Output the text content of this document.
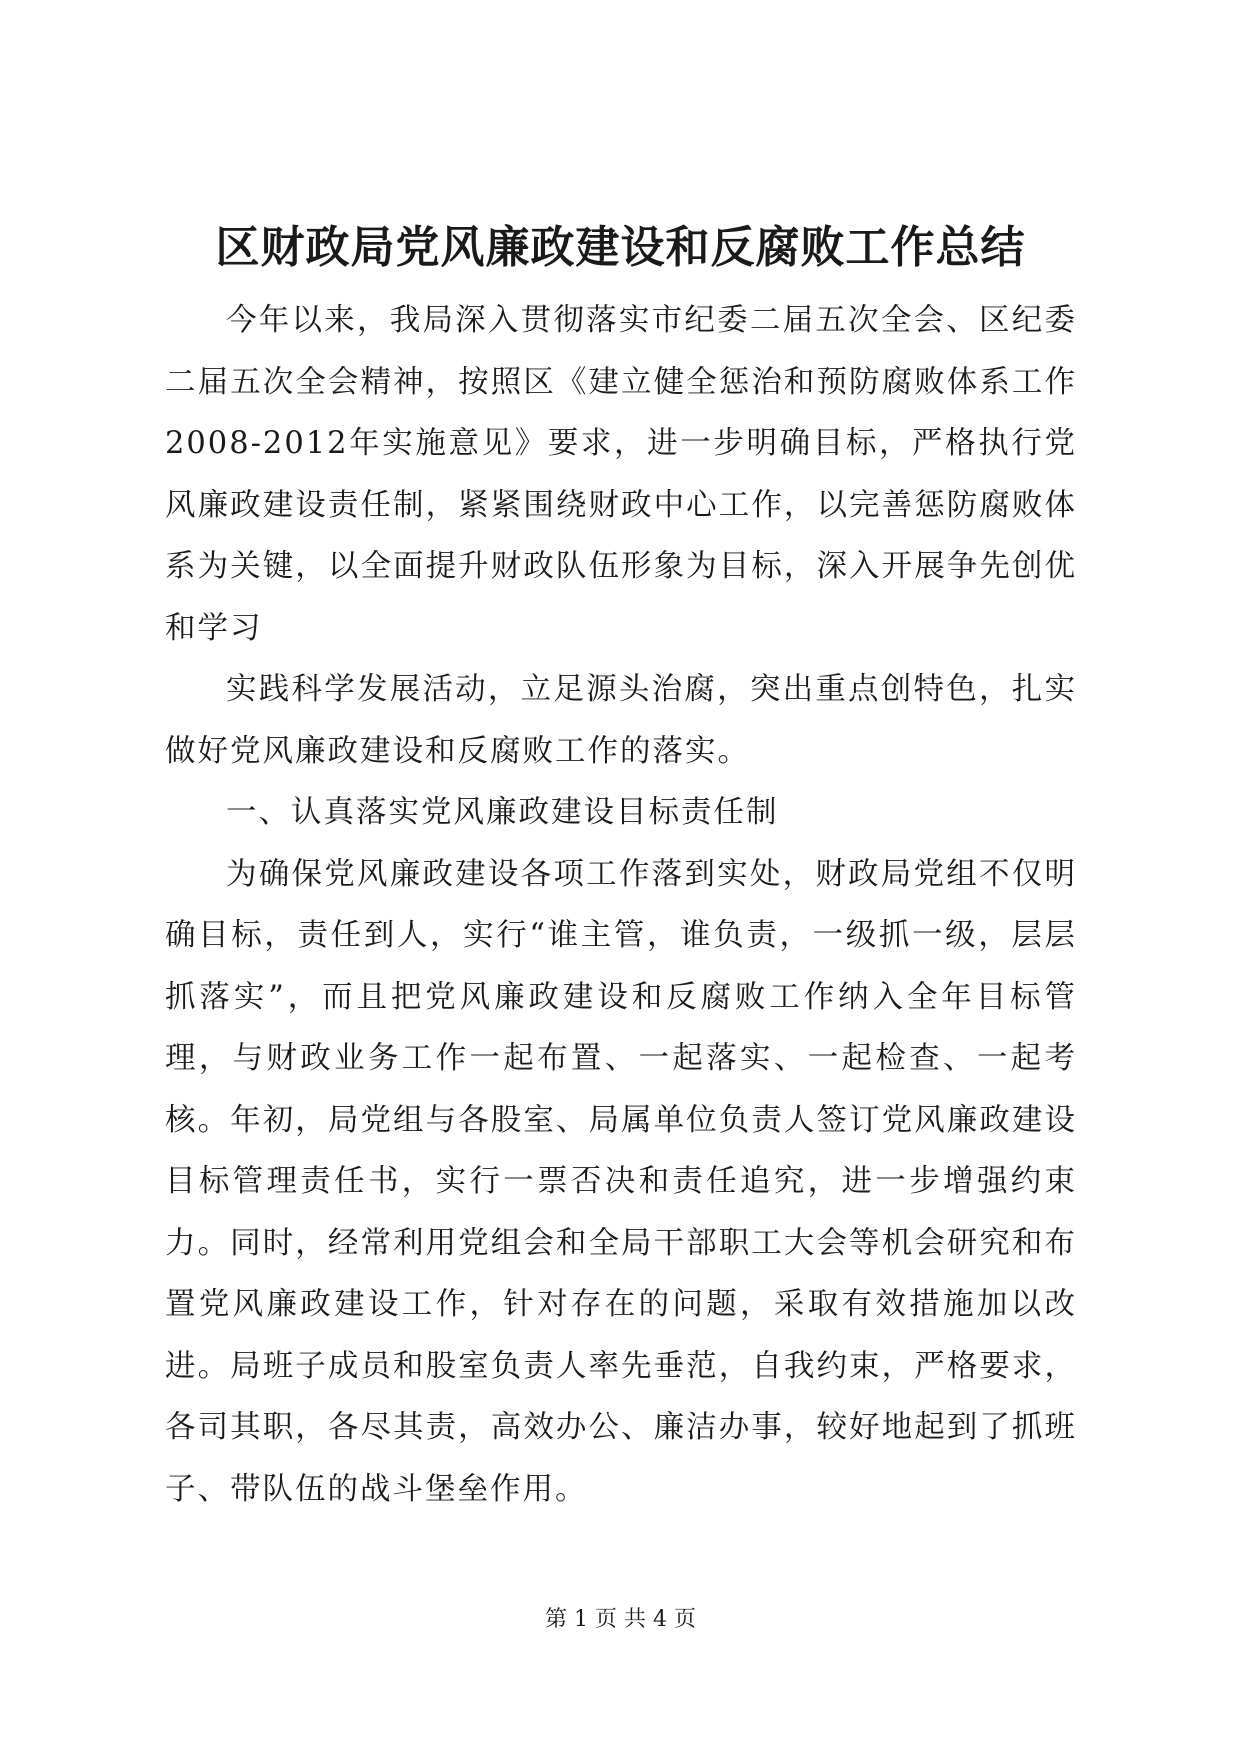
区财政局党风廉政建设和反腐败工作总结

今年以来，我局深入贯彻落实市纪委二届五次全会、区纪委二届五次全会精神，按照区《建立健全惩治和预防腐败体系工作2008-2012年实施意见》要求，进一步明确目标，严格执行党风廉政建设责任制，紧紧围绕财政中心工作，以完善惩防腐败体系为关键，以全面提升财政队伍形象为目标，深入开展争先创优和学习

实践科学发展活动，立足源头治腐，突出重点创特色，扎实做好党风廉政建设和反腐败工作的落实。

一、认真落实党风廉政建设目标责任制

为确保党风廉政建设各项工作落到实处，财政局党组不仅明确目标，责任到人，实行“谁主管，谁负责，一级抓一级，层层抓落实”，而且把党风廉政建设和反腐败工作纳入全年目标管理，与财政业务工作一起布置、一起落实、一起检查、一起考核。年初，局党组与各股室、局属单位负责人签订党风廉政建设目标管理责任书，实行一票否决和责任追究，进一步增强约束力。同时，经常利用党组会和全局干部职工大会等机会研究和布置党风廉政建设工作，针对存在的问题，采取有效措施加以改进。局班子成员和股室负责人率先垂范，自我约束，严格要求，各司其职，各尽其责，高效办公、廉洁办事，较好地起到了抓班子、带队伍的战斗堡垒作用。

第 1 页 共 4 页
